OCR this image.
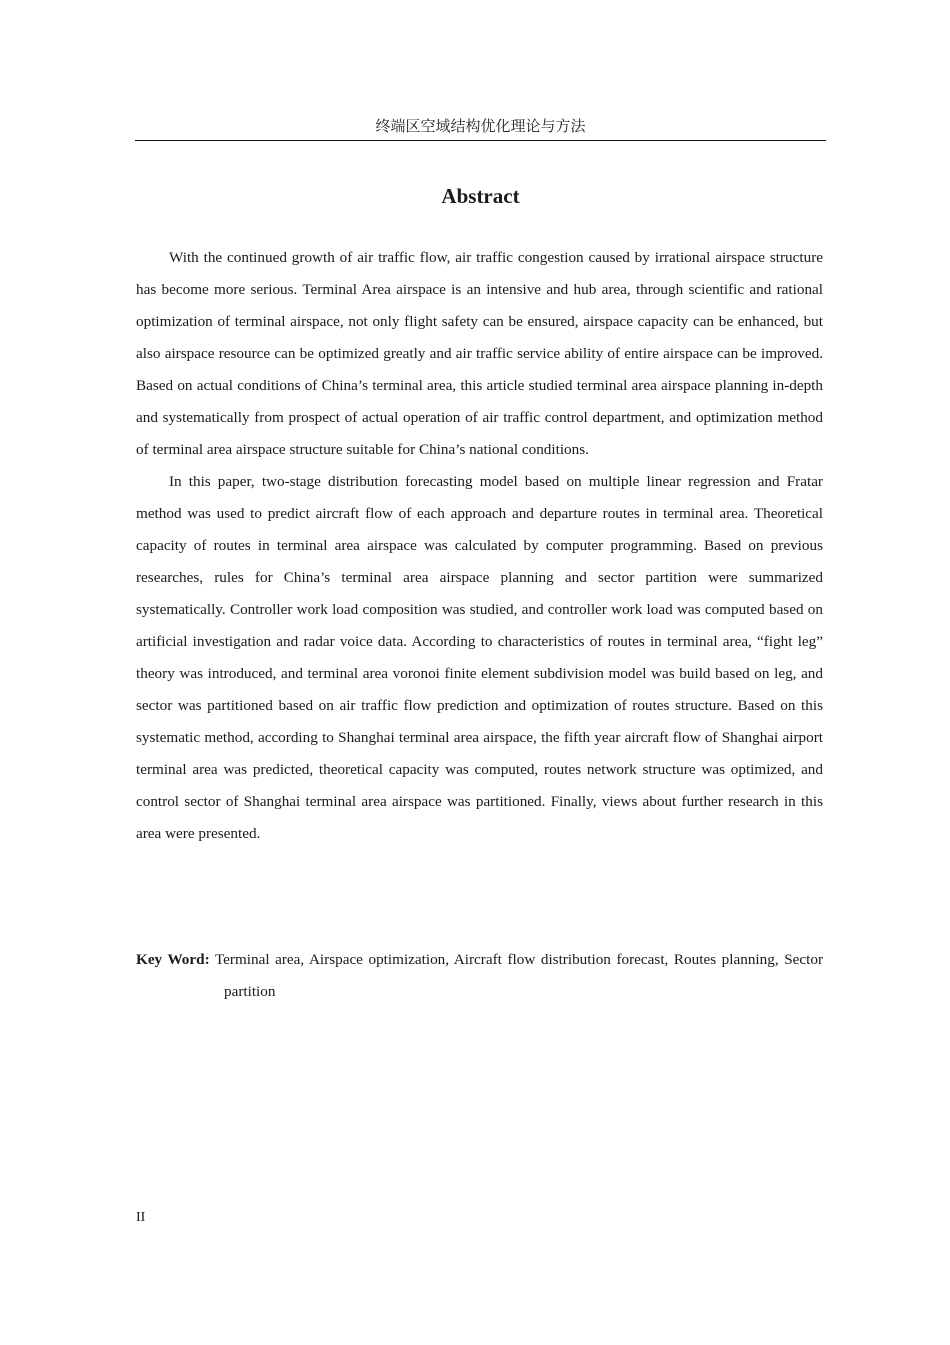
终端区空域结构优化理论与方法
Abstract

With the continued growth of air traffic flow, air traffic congestion caused by irrational airspace structure has become more serious. Terminal Area airspace is an intensive and hub area, through scientific and rational optimization of terminal airspace, not only flight safety can be ensured, airspace capacity can be enhanced, but also airspace resource can be optimized greatly and air traffic service ability of entire airspace can be improved. Based on actual conditions of China’s terminal area, this article studied terminal area airspace planning in-depth and systematically from prospect of actual operation of air traffic control department, and optimization method of terminal area airspace structure suitable for China’s national conditions.

In this paper, two-stage distribution forecasting model based on multiple linear regression and Fratar method was used to predict aircraft flow of each approach and departure routes in terminal area. Theoretical capacity of routes in terminal area airspace was calculated by computer programming. Based on previous researches, rules for China’s terminal area airspace planning and sector partition were summarized systematically. Controller work load composition was studied, and controller work load was computed based on artificial investigation and radar voice data. According to characteristics of routes in terminal area, “fight leg” theory was introduced, and terminal area voronoi finite element subdivision model was build based on leg, and sector was partitioned based on air traffic flow prediction and optimization of routes structure. Based on this systematic method, according to Shanghai terminal area airspace, the fifth year aircraft flow of Shanghai airport terminal area was predicted, theoretical capacity was computed, routes network structure was optimized, and control sector of Shanghai terminal area airspace was partitioned. Finally, views about further research in this area were presented.

Key Word: Terminal area, Airspace optimization, Aircraft flow distribution forecast, Routes planning, Sector partition
II
